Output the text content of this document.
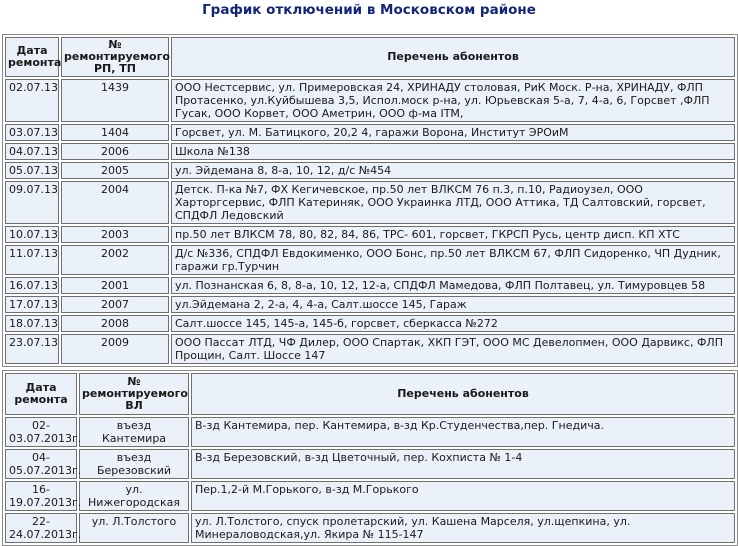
График отключений в Московском районе
Дата ремонта	№ ремонтируемого РП, ТП	Перечень абонентов
02.07.13	1439	ООО Нестсервис, ул. Примеровская 24, ХРИНАДУ столовая, РиК Моск. Р-на, ХРИНАДУ, ФЛП Протасенко, ул.Куйбышева 3,5, Испол.моск р-на, ул. Юрьевская 5-а, 7, 4-а, 6, Горсвет ,ФЛП Гусак, ООО Корвет, ООО Аметрин, ООО ф-ма ITM,
03.07.13	1404	Горсвет, ул. М. Батицкого, 20,2 4, гаражи Ворона, Институт ЭРОиМ
04.07.13	2006	Школа №138
05.07.13	2005	ул. Эйдемана 8, 8-а, 10, 12, д/с №454
09.07.13	2004	Детск. П-ка №7, ФХ Кегичевское, пр.50 лет ВЛКСМ 76 п.3, п.10, Радиоузел, ООО Харторгсервис, ФЛП Катериняк, ООО Украинка ЛТД, ООО Аттика, ТД Салтовский, горсвет, СПДФЛ Ледовский
10.07.13	2003	пр.50 лет ВЛКСМ 78, 80, 82, 84, 86, ТРС- 601, горсвет, ГКРСП Русь, центр дисп. КП ХТС
11.07.13	2002	Д/с №336, СПДФЛ Евдокименко, ООО Бонс, пр.50 лет ВЛКСМ 67, ФЛП Сидоренко, ЧП Дудник, гаражи гр.Турчин
16.07.13	2001	ул. Познанская 6, 8, 8-а, 10, 12, 12-а, СПДФЛ Мамедова, ФЛП Полтавец, ул. Тимуровцев 58
17.07.13	2007	ул.Эйдемана 2, 2-а, 4, 4-а, Салт.шоссе 145, Гараж
18.07.13	2008	Салт.шоссе 145, 145-а, 145-б, горсвет, сберкасса №272
23.07.13	2009	ООО Пассат ЛТД, ЧФ Дилер, ООО Спартак, ХКП ГЭТ, ООО МС Девелопмен, ООО Дарвикс, ФЛП Прощин, Салт. Шоссе 147
Дата ремонта	№ ремонтируемого ВЛ	Перечень абонентов
02-03.07.2013г.	въезд Кантемира	В-зд Кантемира, пер. Кантемира, в-зд Кр.Студенчества,пер. Гнедича.
04-05.07.2013г.	въезд Березовский	В-зд Березовский, в-зд Цветочный, пер. Кохписта № 1-4
16-19.07.2013г.	ул. Нижегородская	Пер.1,2-й М.Горького, в-зд М.Горького
22-24.07.2013г.	ул. Л.Толстого	ул. Л.Толстого, спуск пролетарский, ул. Кашена Марселя, ул.щепкина, ул. Минераловодская,ул. Якира № 115-147
